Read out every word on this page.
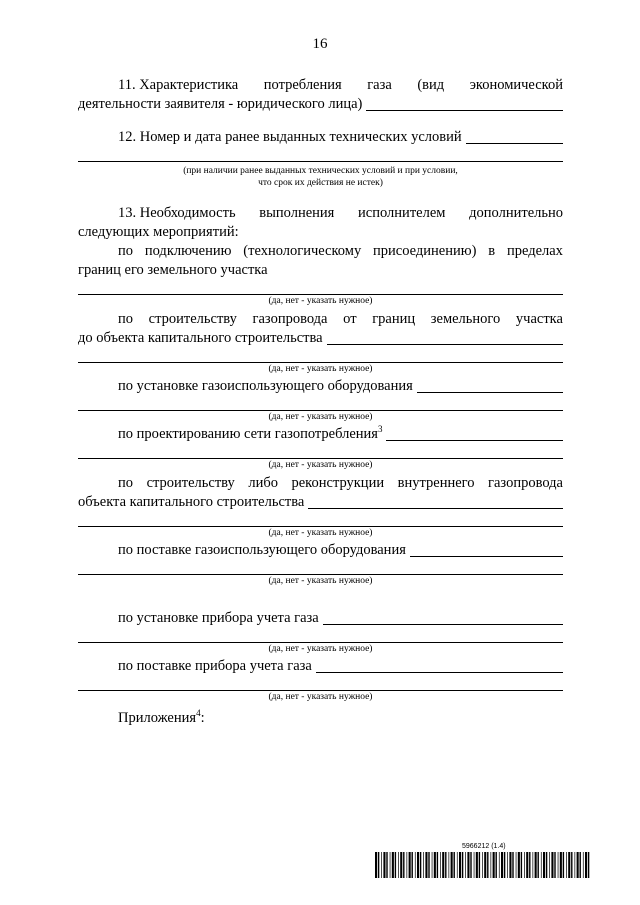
16
11. Характеристика потребления газа (вид экономической
деятельности заявителя - юридического лица)
12. Номер и дата ранее выданных технических условий
(при наличии ранее выданных технических условий и при условии,
что срок их действия не истек)
13. Необходимость выполнения исполнителем дополнительно
следующих мероприятий:
по подключению (технологическому присоединению) в пределах
границ его земельного участка
(да, нет - указать нужное)
по строительству газопровода от границ земельного участка
до объекта капитального строительства
(да, нет - указать нужное)
по установке газоиспользующего оборудования
(да, нет - указать нужное)
по проектированию сети газопотребления$^3$
(да, нет - указать нужное)
по строительству либо реконструкции внутреннего газопровода
объекта капитального строительства
(да, нет - указать нужное)
по поставке газоиспользующего оборудования
(да, нет - указать нужное)
по установке прибора учета газа
(да, нет - указать нужное)
по поставке прибора учета газа
(да, нет - указать нужное)
Приложения$^4$:
5966212 (1.4)
